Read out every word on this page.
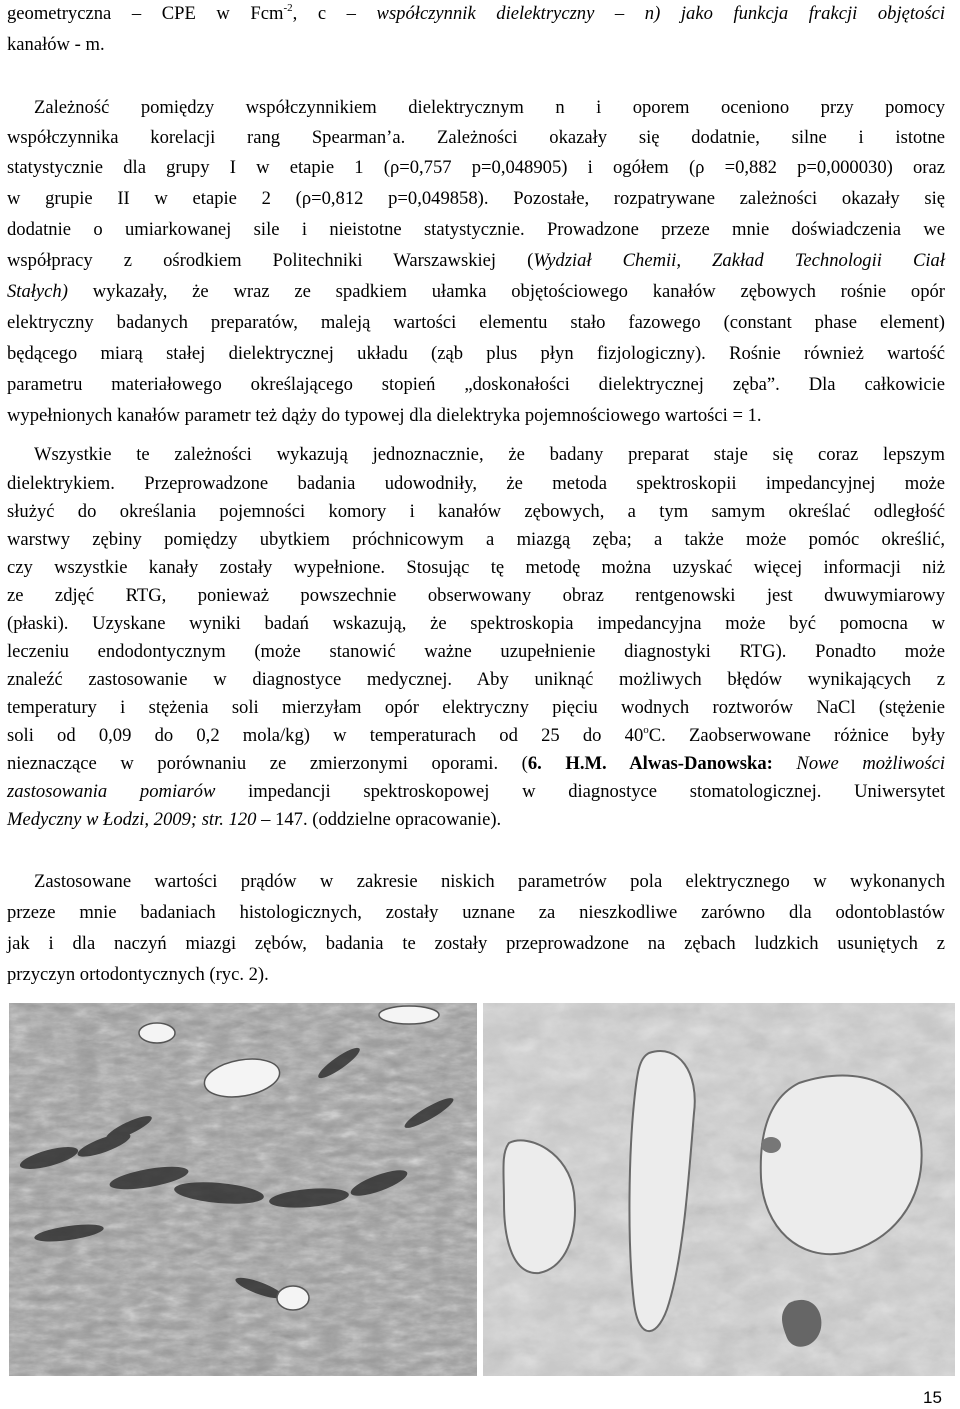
geometryczna – CPE w Fcm$^{-2}$, c – współczynnik dielektryczny – n) jako funkcja frakcji objętości
kanałów - m.
Zależność pomiędzy współczynnikiem dielektrycznym n i oporem oceniono przy pomocy
współczynnika korelacji rang Spearman’a. Zależności okazały się dodatnie, silne i istotne
statystycznie dla grupy I w etapie 1 (ρ=0,757 p=0,048905) i ogółem (ρ =0,882 p=0,000030) oraz
w grupie II w etapie 2 (ρ=0,812 p=0,049858). Pozostałe, rozpatrywane zależności okazały się
dodatnie o umiarkowanej sile i nieistotne statystycznie. Prowadzone przeze mnie doświadczenia we
współpracy z ośrodkiem Politechniki Warszawskiej (Wydział Chemii, Zakład Technologii Ciał
Stałych) wykazały, że wraz ze spadkiem ułamka objętościowego kanałów zębowych rośnie opór
elektryczny badanych preparatów, maleją wartości elementu stało fazowego (constant phase element)
będącego miarą stałej dielektrycznej układu (ząb plus płyn fizjologiczny). Rośnie również wartość
parametru materiałowego określającego stopień „doskonałości dielektrycznej zęba”. Dla całkowicie
wypełnionych kanałów parametr też dąży do typowej dla dielektryka pojemnościowego wartości = 1.
Wszystkie te zależności wykazują jednoznacznie, że badany preparat staje się coraz lepszym
dielektrykiem. Przeprowadzone badania udowodniły, że metoda spektroskopii impedancyjnej może
służyć do określania pojemności komory i kanałów zębowych, a tym samym określać odległość
warstwy zębiny pomiędzy ubytkiem próchnicowym a miazgą zęba; a także może pomóc określić,
czy wszystkie kanały zostały wypełnione. Stosując tę metodę można uzyskać więcej informacji niż
ze zdjęć RTG, ponieważ powszechnie obserwowany obraz rentgenowski jest dwuwymiarowy
(płaski). Uzyskane wyniki badań wskazują, że spektroskopia impedancyjna może być pomocna w
leczeniu endodontycznym (może stanowić ważne uzupełnienie diagnostyki RTG). Ponadto może
znaleźć zastosowanie w diagnostyce medycznej. Aby uniknąć możliwych błędów wynikających z
temperatury i stężenia soli mierzyłam opór elektryczny pięciu wodnych roztworów NaCl (stężenie
soli od 0,09 do 0,2 mola/kg) w temperaturach od 25 do 40$^o$C. Zaobserwowane różnice były
nieznaczące w porównaniu ze zmierzonymi oporami. (6. H.M. Alwas-Danowska: Nowe możliwości
zastosowania pomiarów impedancji spektroskopowej w diagnostyce stomatologicznej. Uniwersytet
Medyczny w Łodzi, 2009; str. 120 – 147. (oddzielne opracowanie).
Zastosowane wartości prądów w zakresie niskich parametrów pola elektrycznego w wykonanych
przeze mnie badaniach histologicznych, zostały uznane za nieszkodliwe zarówno dla odontoblastów
jak i dla naczyń miazgi zębów, badania te zostały przeprowadzone na zębach ludzkich usuniętych z
przyczyn ortodontycznych (ryc. 2).
15
